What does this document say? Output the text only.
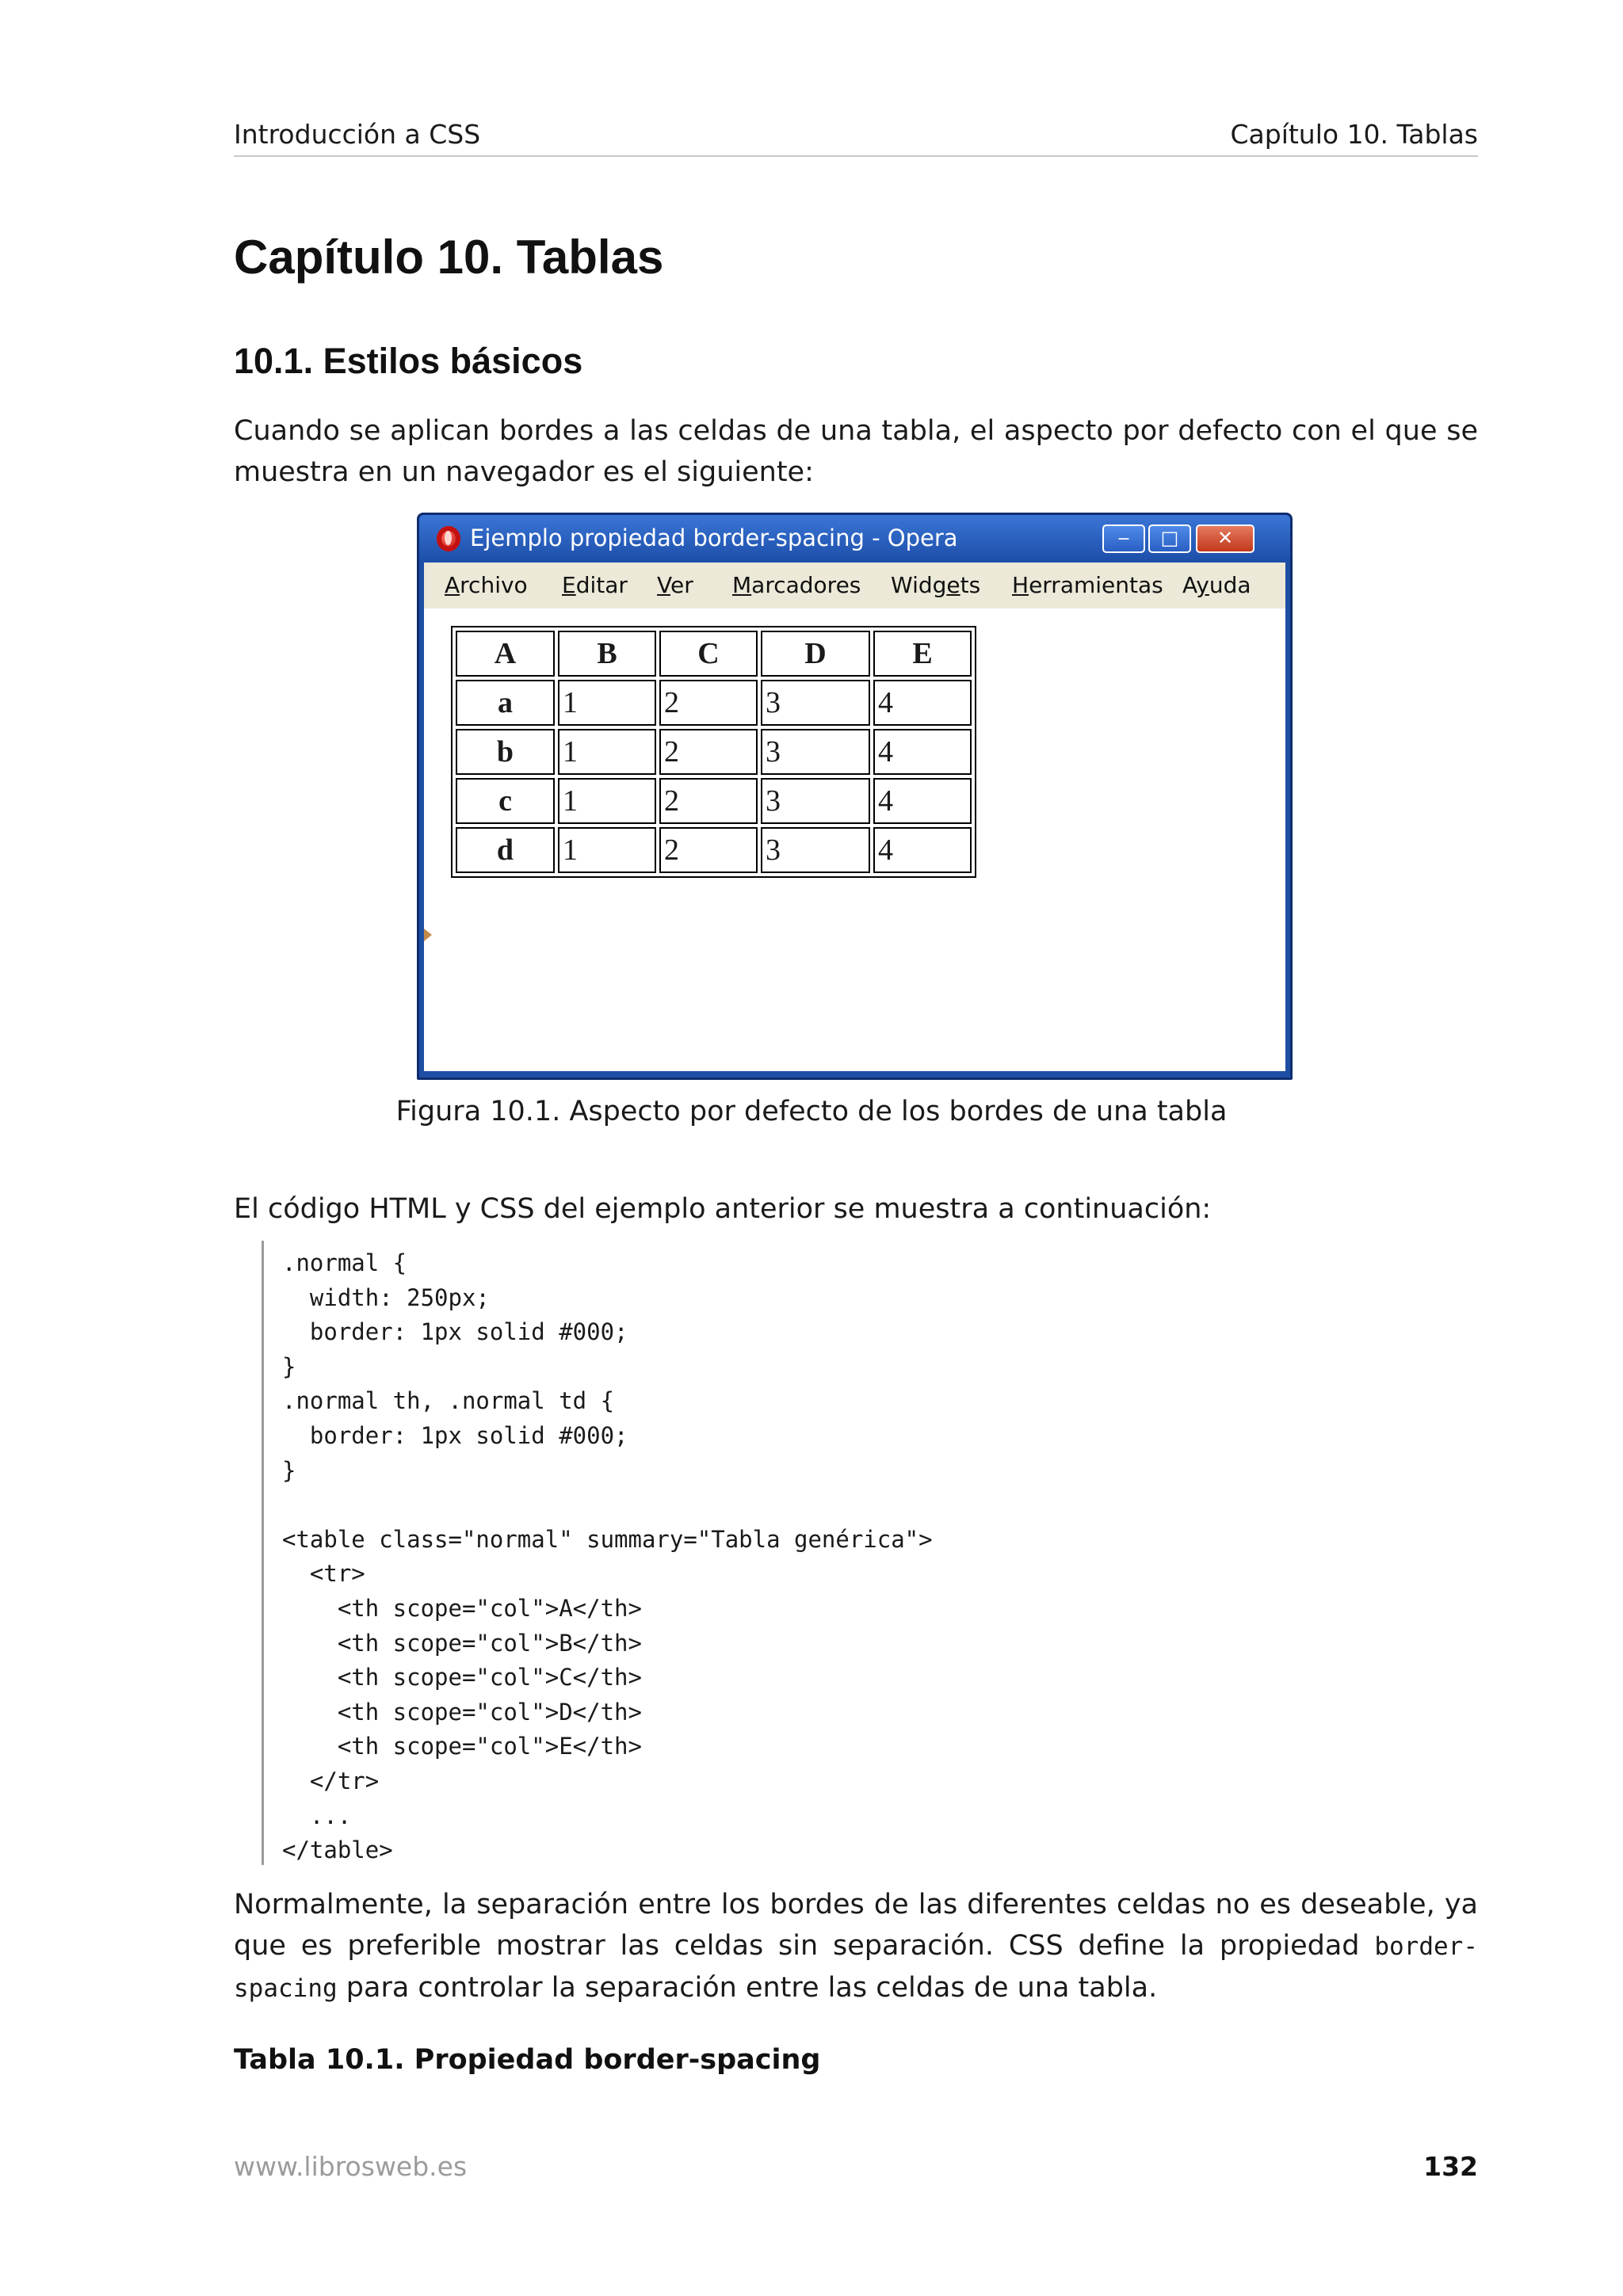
Introducción a CSS	Capítulo 10. Tablas
Capítulo 10. Tablas
10.1. Estilos básicos
Cuando se aplican bordes a las celdas de una tabla, el aspecto por defecto con el que se muestra en un navegador es el siguiente:
Ejemplo propiedad border-spacing - Opera	‒	□	✕
Archivo Editar Ver Marcadores Widgets Herramientas Ayuda
A	B	C	D	E
a	1	2	3	4
b	1	2	3	4
c	1	2	3	4
d	1	2	3	4
Figura 10.1. Aspecto por defecto de los bordes de una tabla
El código HTML y CSS del ejemplo anterior se muestra a continuación:
.normal {
width: 250px;
border: 1px solid #000;
}
.normal th, .normal td {
border: 1px solid #000;
}

<table class="normal" summary="Tabla genérica">
<tr>
<th scope="col">A</th>
<th scope="col">B</th>
<th scope="col">C</th>
<th scope="col">D</th>
<th scope="col">E</th>
</tr>
...
</table>
Normalmente, la separación entre los bordes de las diferentes celdas no es deseable, ya que es preferible mostrar las celdas sin separación. CSS define la propiedad border-spacing para controlar la separación entre las celdas de una tabla.
Tabla 10.1. Propiedad border-spacing
www.librosweb.es	132
